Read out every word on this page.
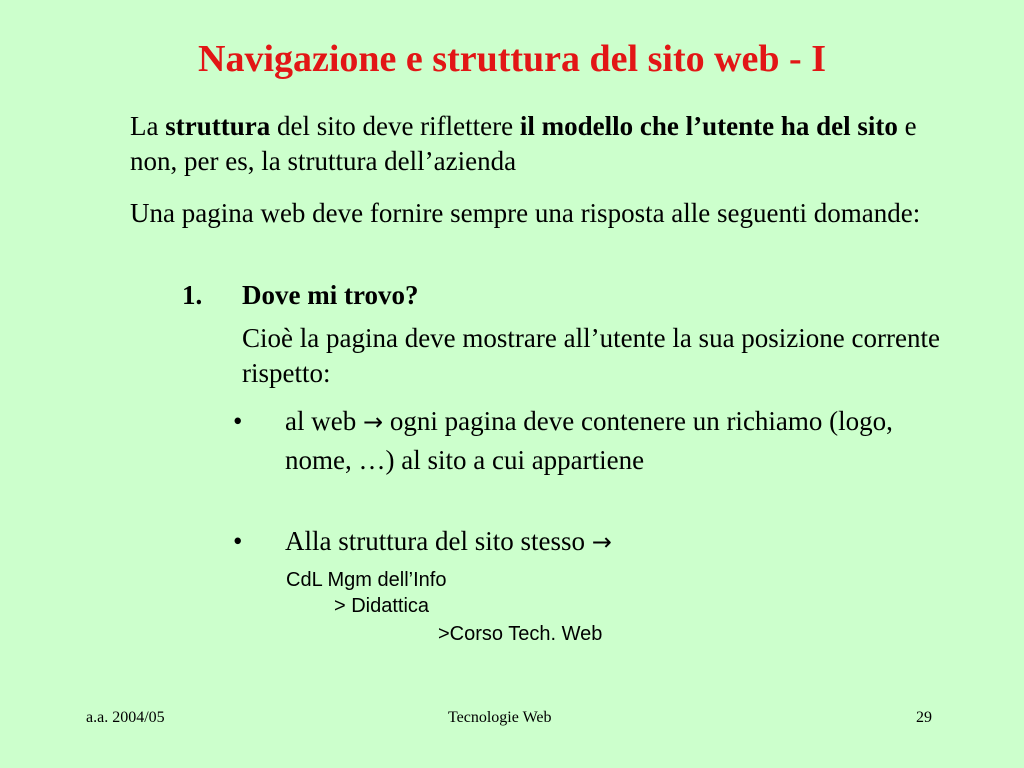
Navigazione e struttura del sito web - I

La struttura del sito deve riflettere il modello che l’utente ha del sito e non, per es, la struttura dell’azienda

Una pagina web deve fornire sempre una risposta alle seguenti domande:

1. Dove mi trovo?
Cioè la pagina deve mostrare all’utente la sua posizione corrente rispetto:
• al web → ogni pagina deve contenere un richiamo (logo, nome, …) al sito a cui appartiene
• Alla struttura del sito stesso →
CdL Mgm dell’Info
> Didattica
>Corso Tech. Web
a.a. 2004/05	Tecnologie Web	29
